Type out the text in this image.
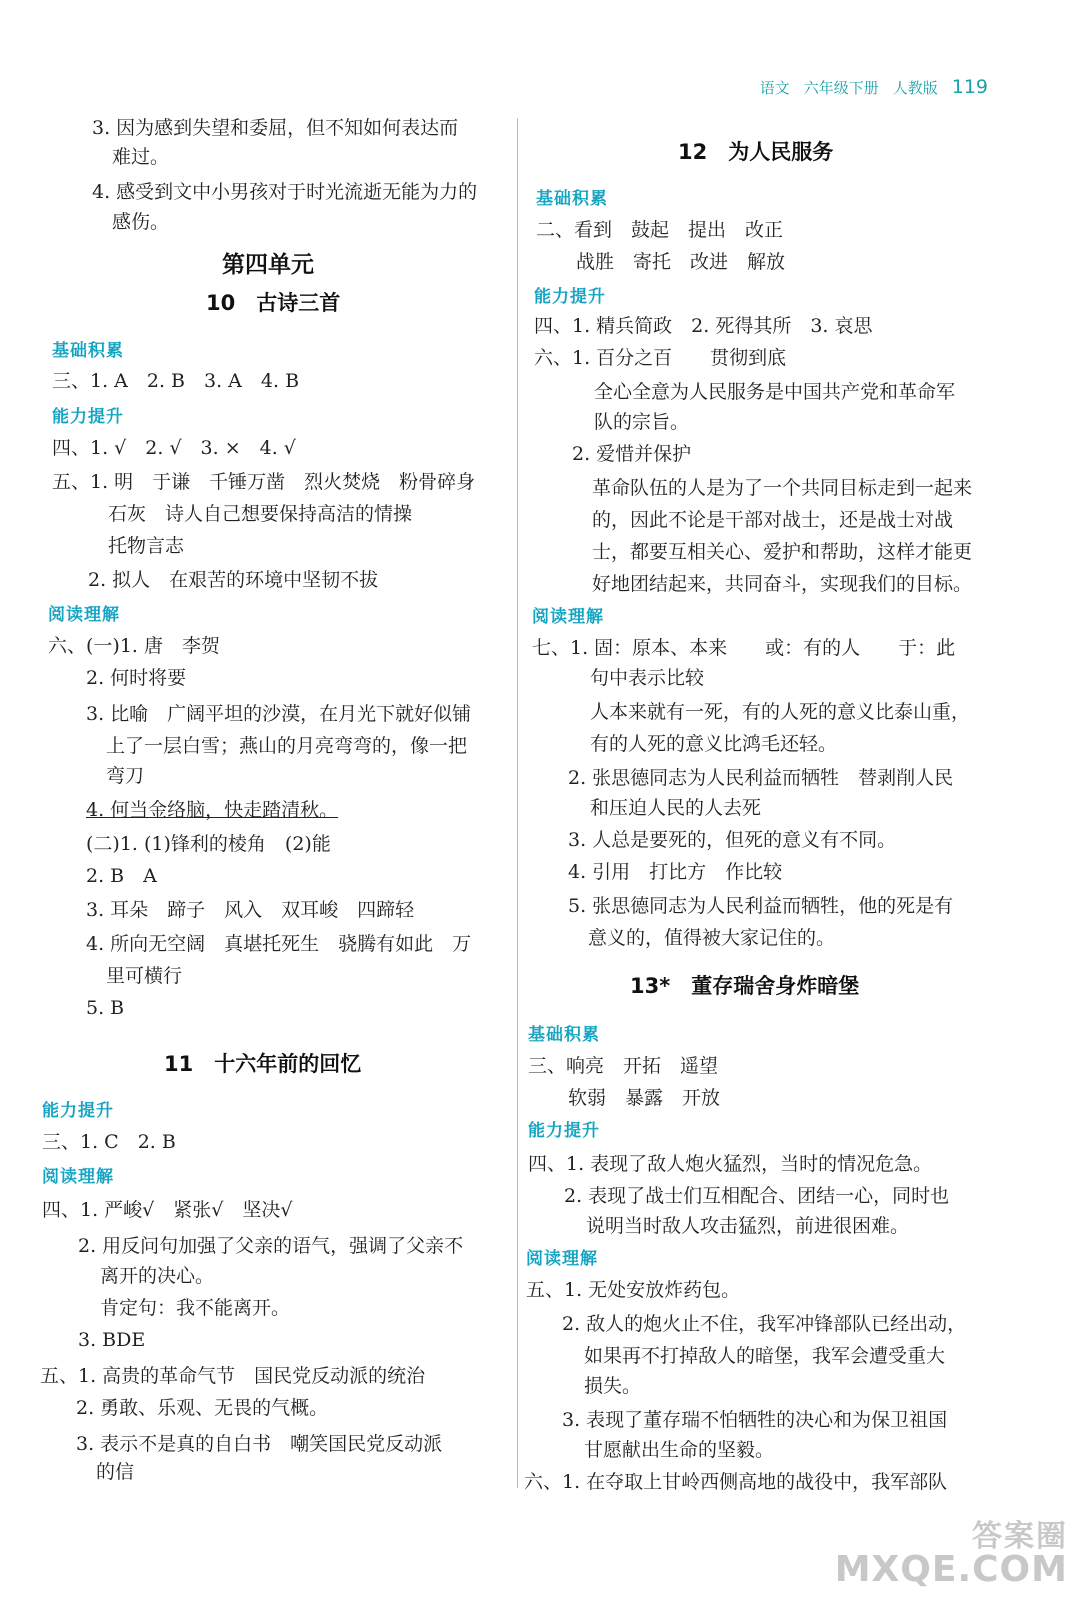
语文 六年级下册 人教版 119
3. 因为感到失望和委屈，但不知如何表达而
难过。
4. 感受到文中小男孩对于时光流逝无能为力的
感伤。
第四单元
10　古诗三首
基础积累
三、1. A　2. B　3. A　4. B
能力提升
四、1. √　2. √　3. ×　4. √
五、1. 明　于谦　千锤万凿　烈火焚烧　粉骨碎身
石灰　诗人自己想要保持高洁的情操
托物言志
2. 拟人　在艰苦的环境中坚韧不拔
阅读理解
六、(一)1. 唐　李贺
2. 何时将要
3. 比喻　广阔平坦的沙漠，在月光下就好似铺
上了一层白雪；燕山的月亮弯弯的，像一把
弯刀
4. 何当金络脑，快走踏清秋。
(二)1. (1)锋利的棱角　(2)能
2. B　A
3. 耳朵　蹄子　风入　双耳峻　四蹄轻
4. 所向无空阔　真堪托死生　骁腾有如此　万
里可横行
5. B
11　十六年前的回忆
能力提升
三、1. C　2. B
阅读理解
四、1. 严峻√　紧张√　坚决√
2. 用反问句加强了父亲的语气，强调了父亲不
离开的决心。
肯定句：我不能离开。
3. BDE
五、1. 高贵的革命气节　国民党反动派的统治
2. 勇敢、乐观、无畏的气概。
3. 表示不是真的自白书　嘲笑国民党反动派
的信
12　为人民服务
基础积累
二、看到　鼓起　提出　改正
战胜　寄托　改进　解放
能力提升
四、1. 精兵简政　2. 死得其所　3. 哀思
六、1. 百分之百　　贯彻到底
全心全意为人民服务是中国共产党和革命军
队的宗旨。
2. 爱惜并保护
革命队伍的人是为了一个共同目标走到一起来
的，因此不论是干部对战士，还是战士对战
士，都要互相关心、爱护和帮助，这样才能更
好地团结起来，共同奋斗，实现我们的目标。
阅读理解
七、1. 固：原本、本来　　或：有的人　　于：此
句中表示比较
人本来就有一死，有的人死的意义比泰山重，
有的人死的意义比鸿毛还轻。
2. 张思德同志为人民利益而牺牲　替剥削人民
和压迫人民的人去死
3. 人总是要死的，但死的意义有不同。
4. 引用　打比方　作比较
5. 张思德同志为人民利益而牺牲，他的死是有
意义的，值得被大家记住的。
13*　董存瑞舍身炸暗堡
基础积累
三、响亮　开拓　遥望
软弱　暴露　开放
能力提升
四、1. 表现了敌人炮火猛烈，当时的情况危急。
2. 表现了战士们互相配合、团结一心，同时也
说明当时敌人攻击猛烈，前进很困难。
阅读理解
五、1. 无处安放炸药包。
2. 敌人的炮火止不住，我军冲锋部队已经出动，
如果再不打掉敌人的暗堡，我军会遭受重大
损失。
3. 表现了董存瑞不怕牺牲的决心和为保卫祖国
甘愿献出生命的坚毅。
六、1. 在夺取上甘岭西侧高地的战役中，我军部队
答案圈
MXQE.COM
